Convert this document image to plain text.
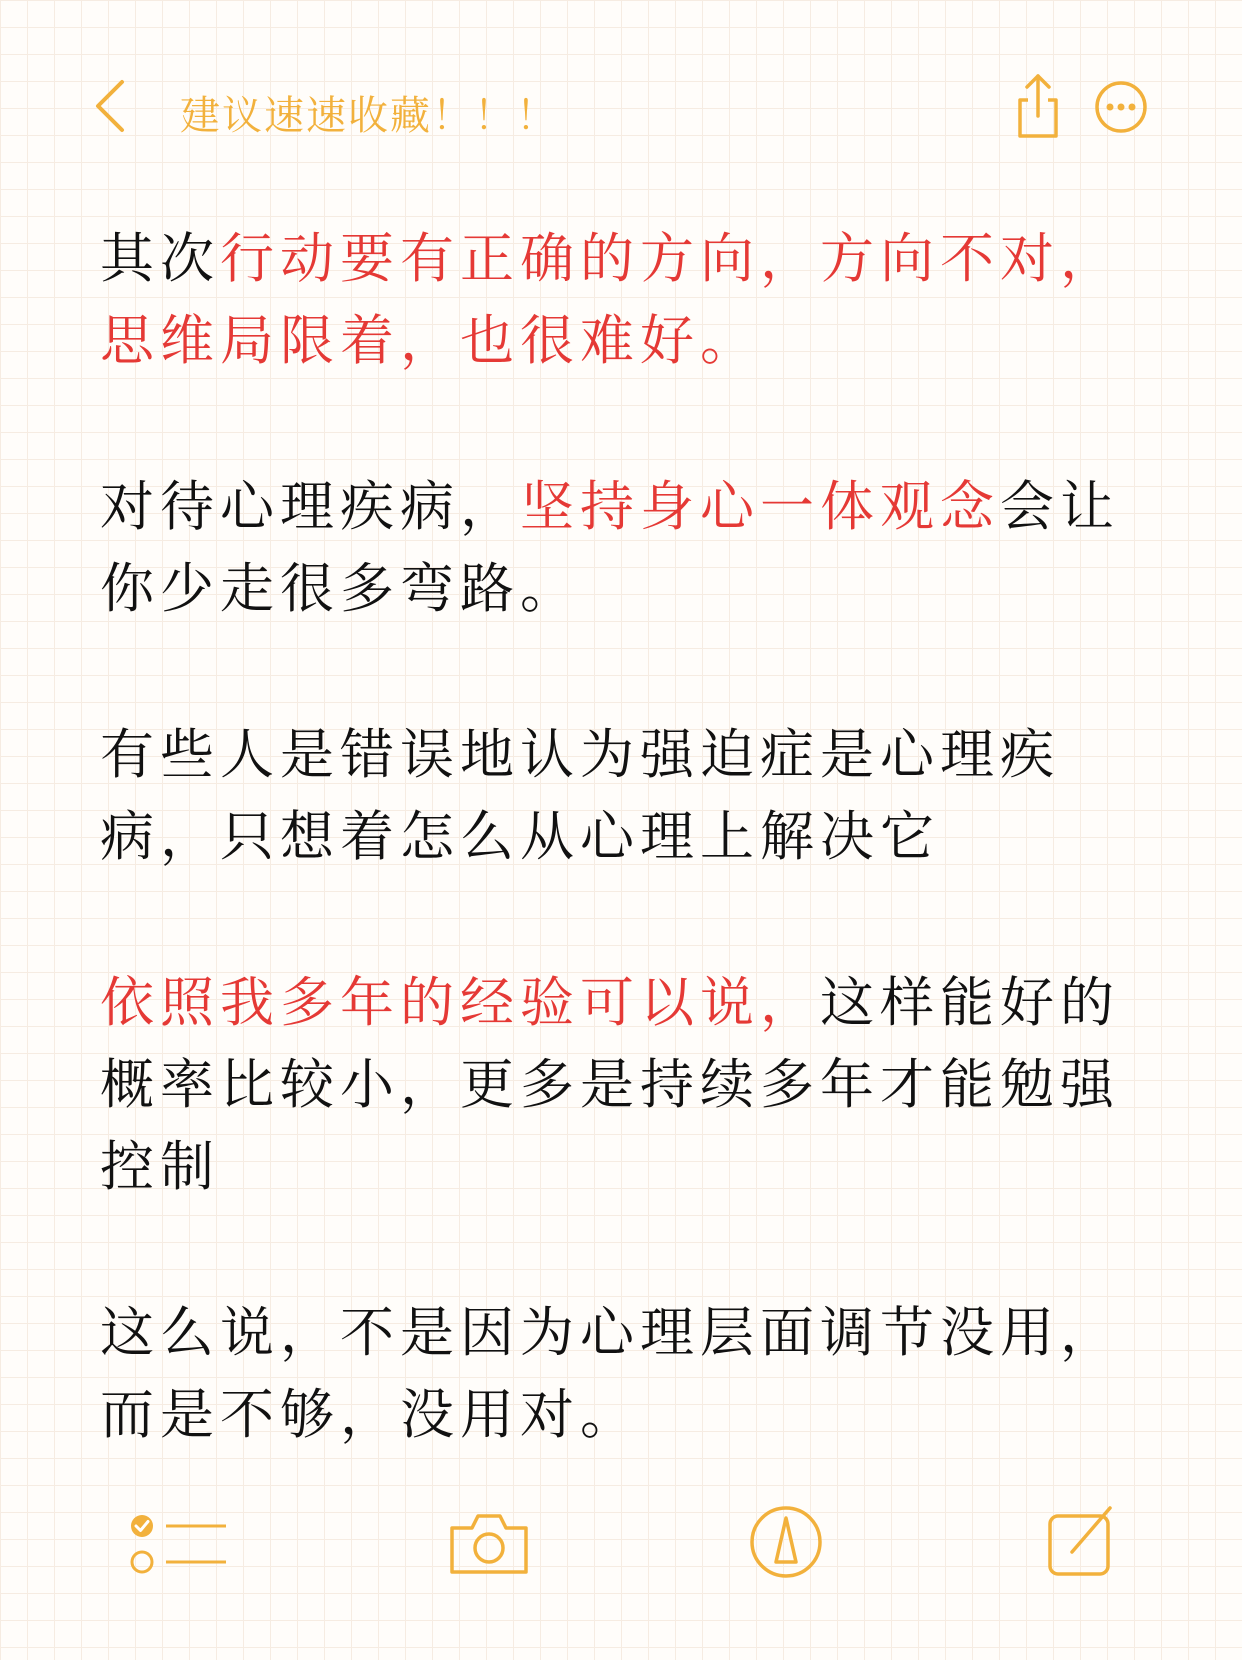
建议速速收藏！！！

其次行动要有正确的方向，方向不对，思维局限着，也很难好。

对待心理疾病，坚持身心一体观念会让你少走很多弯路。

有些人是错误地认为强迫症是心理疾病，只想着怎么从心理上解决它

依照我多年的经验可以说，这样能好的概率比较小，更多是持续多年才能勉强控制

这么说，不是因为心理层面调节没用，而是不够，没用对。
